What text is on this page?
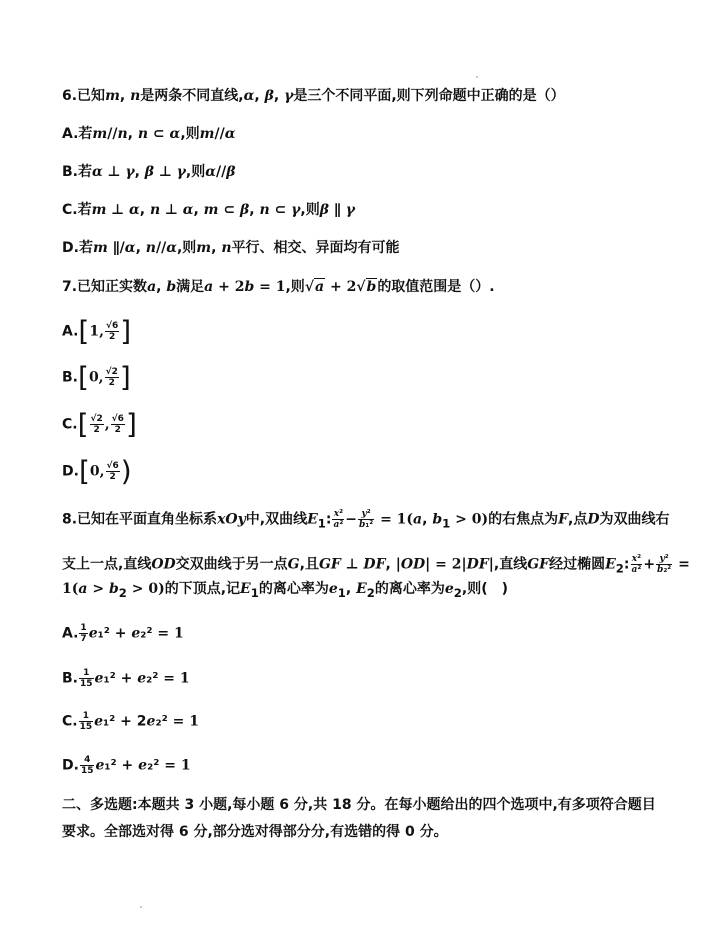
6.已知m, n是两条不同直线,α, β, γ是三个不同平面,则下列命题中正确的是（）
A.若m//n, n ⊂ α,则m//α
B.若α ⊥ γ, β ⊥ γ,则α//β
C.若m ⊥ α, n ⊥ α, m ⊂ β, n ⊂ γ,则β ∥ γ
D.若m ∥/α, n//α,则m, n平行、相交、异面均有可能
7.已知正实数a, b满足a + 2b = 1,则√a + 2√b的取值范围是（）.
A.[1, $\frac{√6}{2}$ ]
B.[0, $\frac{√2}{2}$ ]
$C.[ \frac{√2}{2}$ , $\frac{√6}{2}$ ]
D.[0, $\frac{√6}{2}$ )
8.已知在平面直角坐标系xOy中,双曲线$E_1$: $\frac{\text{x²}}{\text{a²}} - \frac{\text{y²}}{\text{b₁²}} = 1(a$, $b_1 > 0$)的右焦点为F,点D为双曲线右
支上一点,直线OD交双曲线于另一点G,且GF ⊥ DF, |OD| = 2|DF|,直线GF经过椭圆$E_2$: $\frac{\text{x²}}{\text{a²}} + \frac{\text{y²}}{\text{b₂²}}$ =
$1(a > b_2 > 0)$的下顶点,记$E_1$的离心率为$e_1$, $E_2$的离心率为$e_2$,则(　)
A. $\frac{1}{7} e_1^2 + e_2^2 = 1$
B. $\frac{1}{15} e_1^2 + e_2^2 = 1$
C. $\frac{1}{15} e_1^2 + 2e_2^2 = 1$
D. $\frac{4}{15} e_1^2 + e_2^2 = 1$
二、多选题:本题共 3 小题,每小题 6 分,共 18 分。在每小题给出的四个选项中,有多项符合题目
要求。全部选对得 6 分,部分选对得部分分,有选错的得 0 分。
